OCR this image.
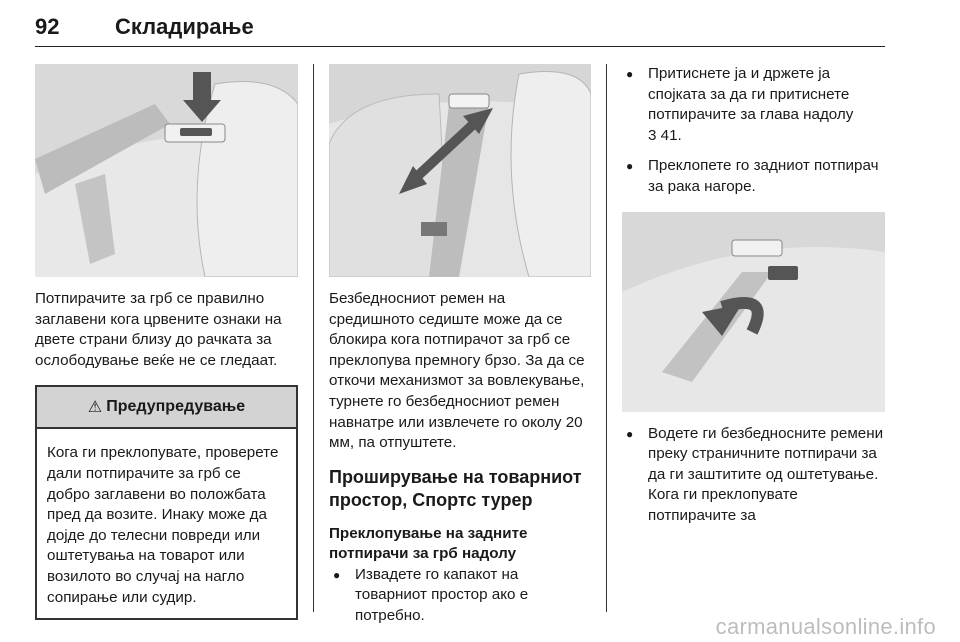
92	Складирање

Потпирачите за грб се правилно заглавени кога црвените ознаки на двете страни близу до рачката за ослободување веќе не се гледаат.

⚠ Предупредување
Кога ги преклопувате, проверете дали потпирачите за грб се добро заглавени во положбата пред да возите. Инаку може да дојде до телесни повреди или оштетувања на товарот или возилото во случај на нагло сопирање или судир.

Безбедносниот ремен на средишното седиште може да се блокира кога потпирачот за грб се преклопува премногу брзо. За да се откочи механизмот за вовлекување, турнете го безбедносниот ремен навнатре или извлечете го околу 20 мм, па отпуштете.

Проширување на товарниот простор, Спортс турер
Преклопување на задните потпирачи за грб надолу
● Извадете го капакот на товарниот простор ако е потребно.
● Притиснете ја и држете ја спојката за да ги притиснете потпирачите за глава надолу
3 41.
● Преклопете го задниот потпирач за рака нагоре.
● Водете ги безбедносните ремени преку страничните потпирачи за да ги заштитите од оштетување. Кога ги преклопувате потпирачите за
carmanualsonline.info
